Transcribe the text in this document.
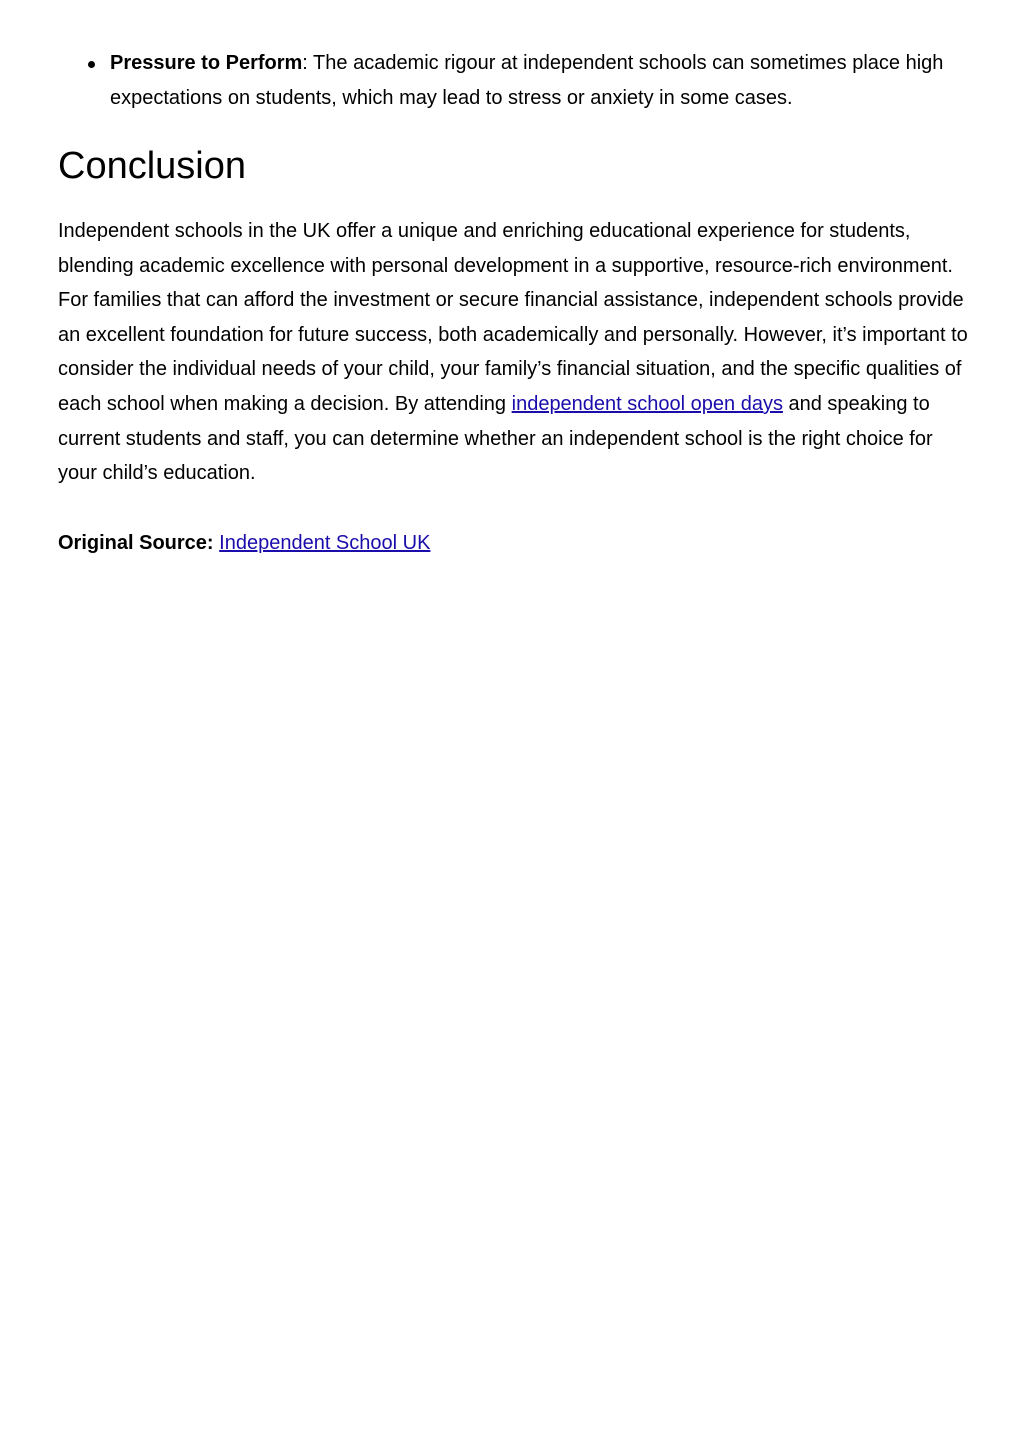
Pressure to Perform: The academic rigour at independent schools can sometimes place high expectations on students, which may lead to stress or anxiety in some cases.
Conclusion

Independent schools in the UK offer a unique and enriching educational experience for students, blending academic excellence with personal development in a supportive, resource-rich environment. For families that can afford the investment or secure financial assistance, independent schools provide an excellent foundation for future success, both academically and personally. However, it’s important to consider the individual needs of your child, your family’s financial situation, and the specific qualities of each school when making a decision. By attending independent school open days and speaking to current students and staff, you can determine whether an independent school is the right choice for your child’s education.

Original Source: Independent School UK
